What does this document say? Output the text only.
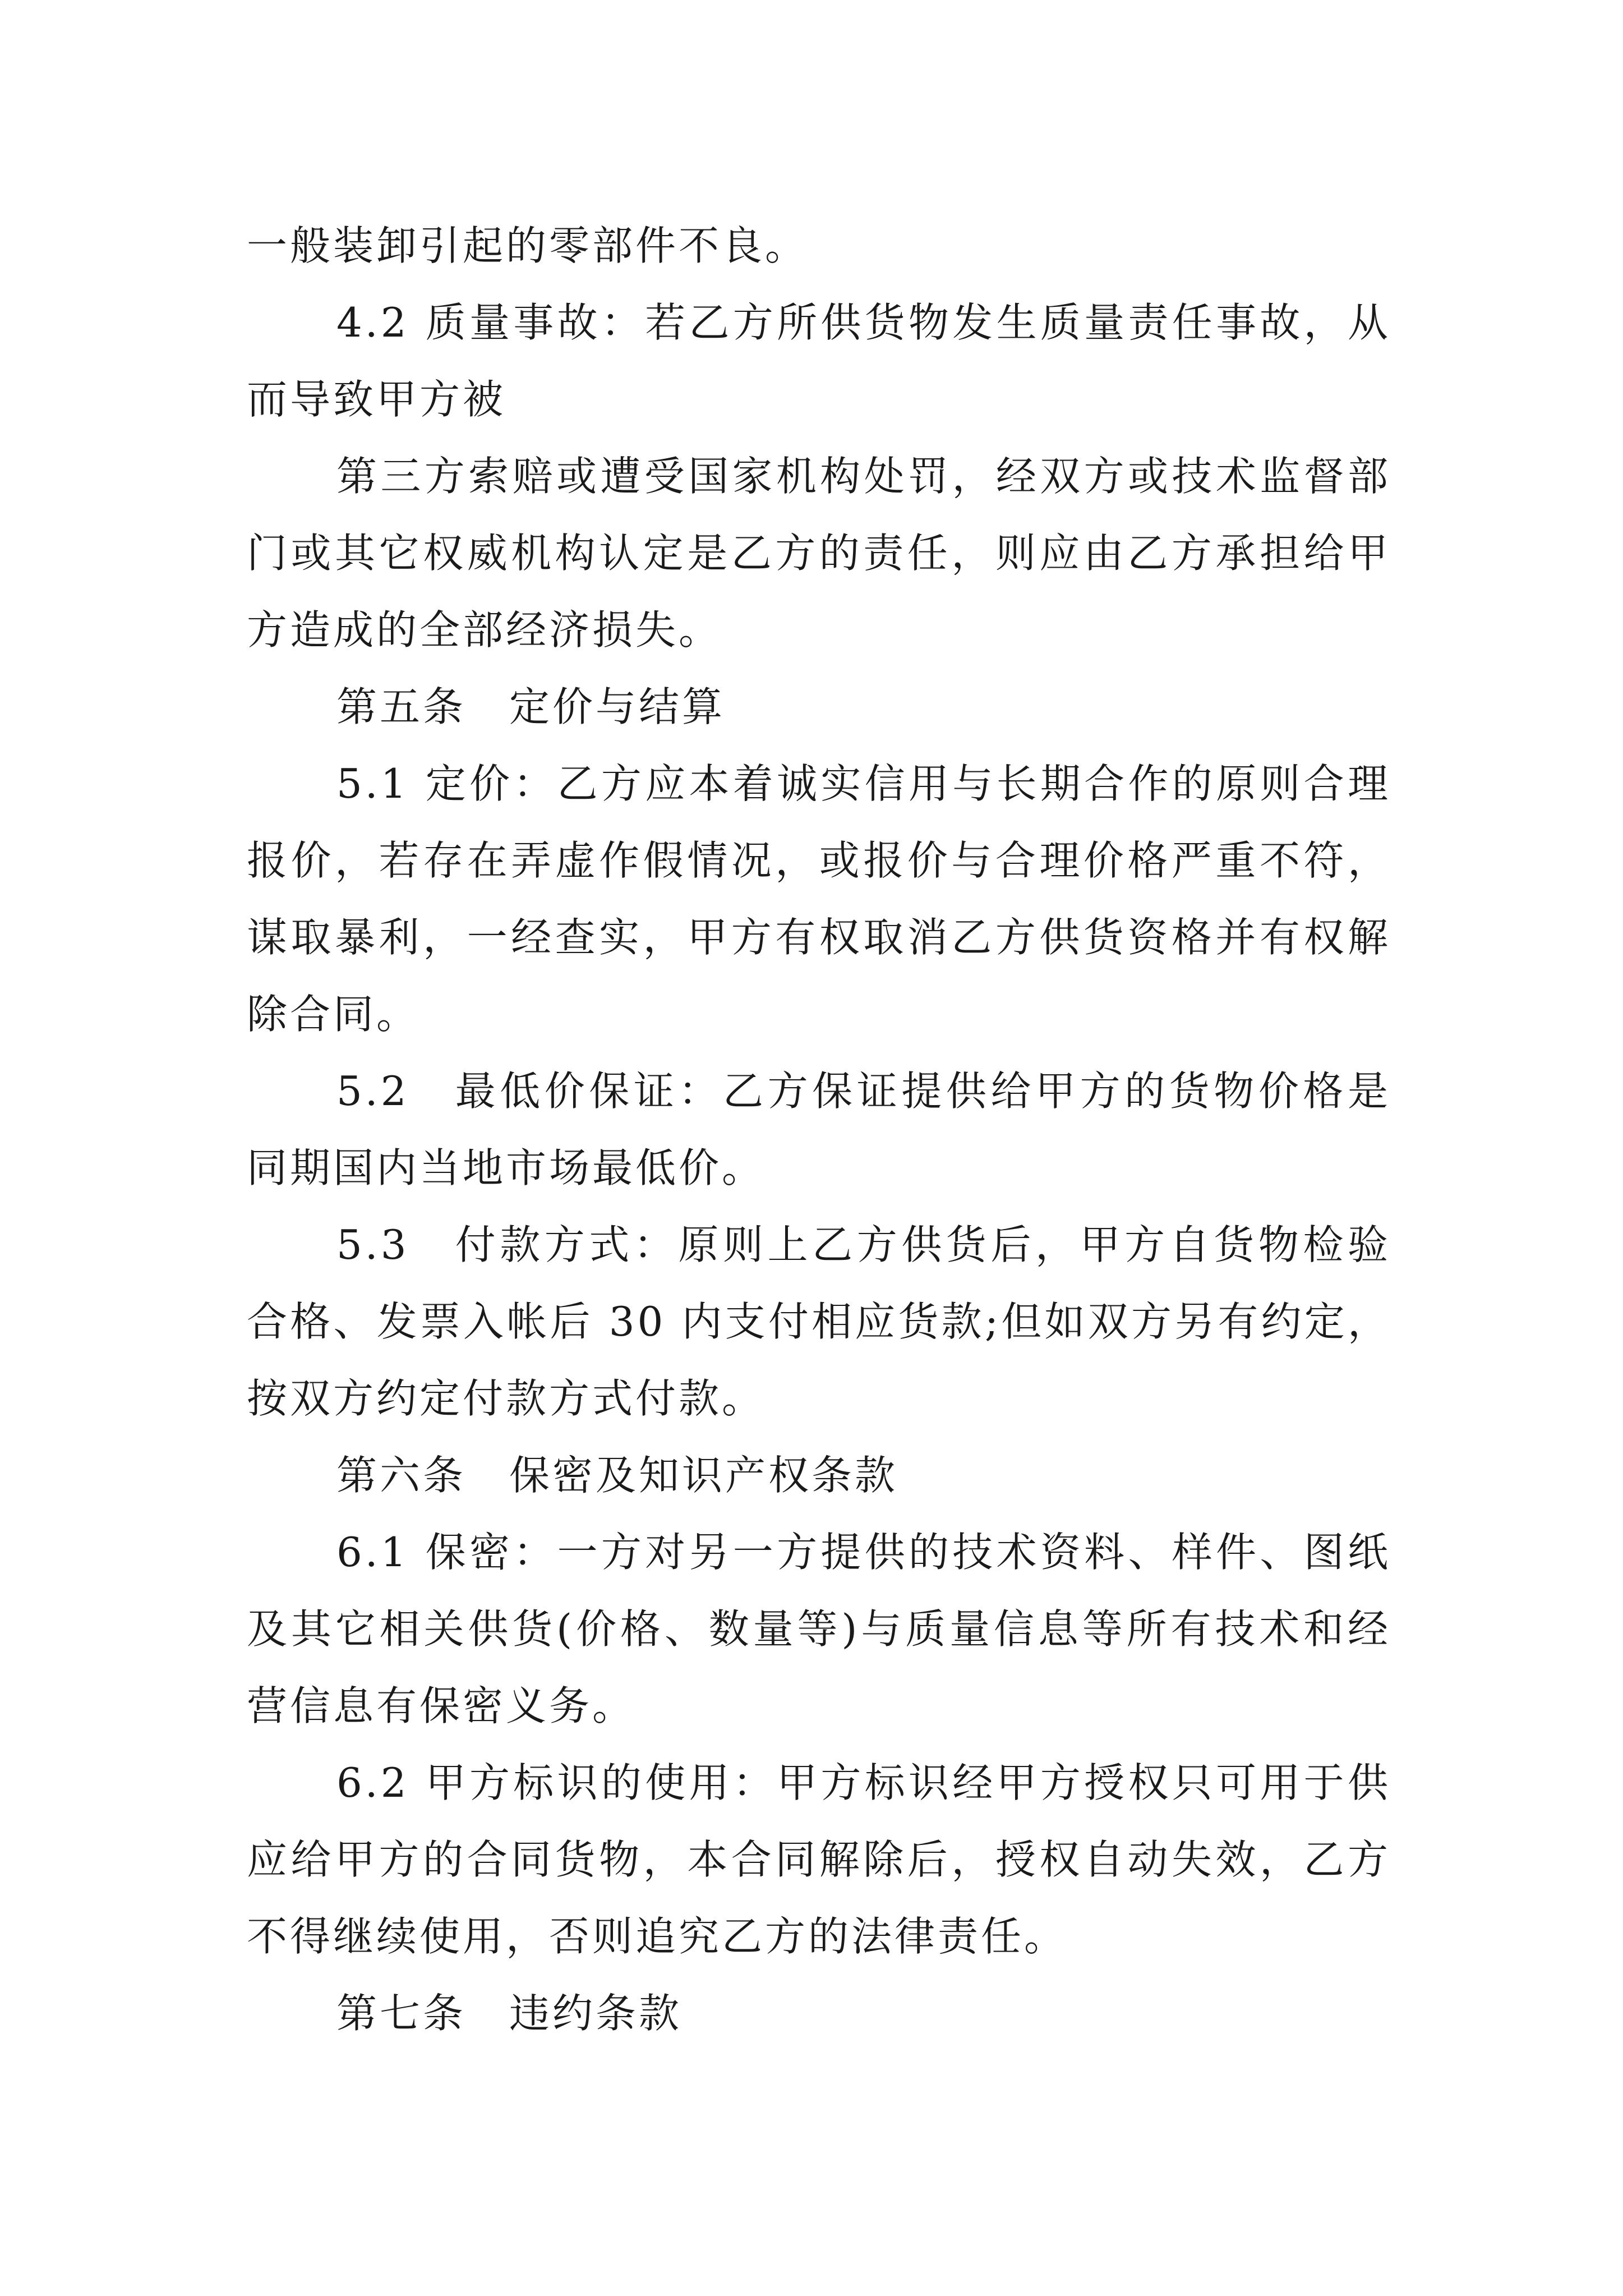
一般装卸引起的零部件不良。
4.2 质量事故：若乙方所供货物发生质量责任事故，从
而导致甲方被
第三方索赔或遭受国家机构处罚，经双方或技术监督部
门或其它权威机构认定是乙方的责任，则应由乙方承担给甲
方造成的全部经济损失。
第五条　定价与结算
5.1 定价：乙方应本着诚实信用与长期合作的原则合理
报价，若存在弄虚作假情况，或报价与合理价格严重不符，
谋取暴利，一经查实，甲方有权取消乙方供货资格并有权解
除合同。
5.2　最低价保证：乙方保证提供给甲方的货物价格是
同期国内当地市场最低价。
5.3　付款方式：原则上乙方供货后，甲方自货物检验
合格、发票入帐后 30 内支付相应货款;但如双方另有约定，
按双方约定付款方式付款。
第六条　保密及知识产权条款
6.1 保密：一方对另一方提供的技术资料、样件、图纸
及其它相关供货(价格、数量等)与质量信息等所有技术和经
营信息有保密义务。
6.2 甲方标识的使用：甲方标识经甲方授权只可用于供
应给甲方的合同货物，本合同解除后，授权自动失效，乙方
不得继续使用，否则追究乙方的法律责任。
第七条　违约条款
